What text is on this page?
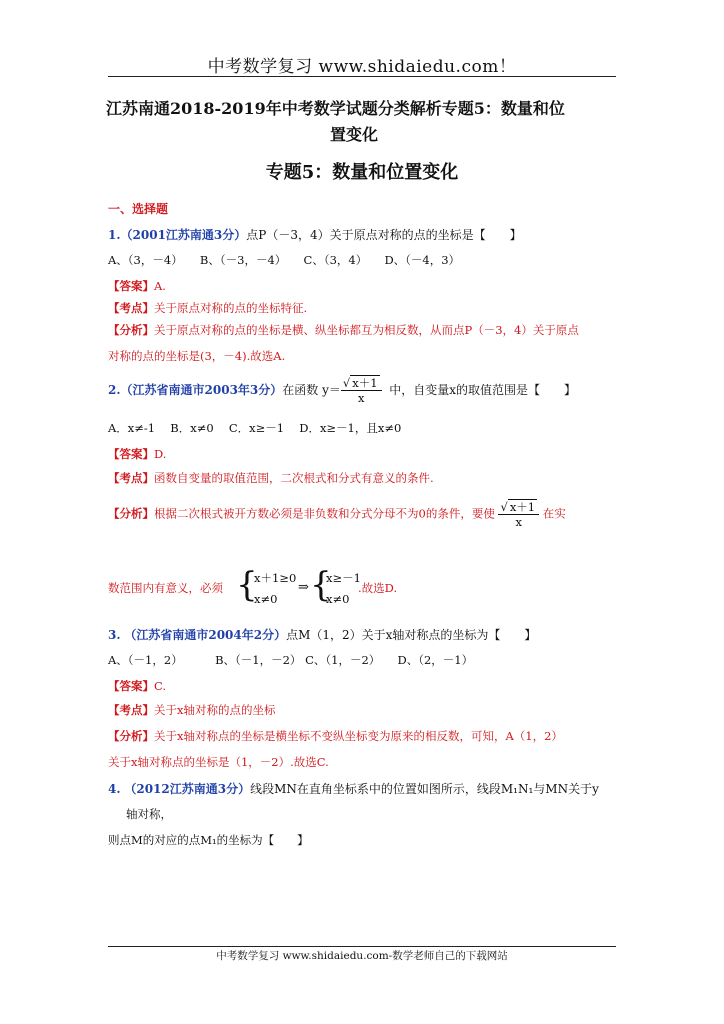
中考数学复习 www.shidaiedu.com！
江苏南通2018-2019年中考数学试题分类解析专题5：数量和位
置变化
专题5：数量和位置变化
一、选择题
1.（2001江苏南通3分）点P（－3，4）关于原点对称的点的坐标是【　　】
A、（3，－4）　　B、（－3，－4）　　C、（3，4）　　D、（－4，3）
【答案】A.
【考点】关于原点对称的点的坐标特征.
【分析】关于原点对称的点的坐标是横、纵坐标都互为相反数，从而点P（－3，4）关于原点
对称的点的坐标是(3，－4).故选A.
2.（江苏省南通市2003年3分）在函数 $y= \frac{√ x+1}{x}$ 中，自变量x的取值范围是【　　】
A．x≠-1　 B．x≠0　 C．x≥－1　 D．x≥－1，且x≠0
【答案】D.
【考点】函数自变量的取值范围，二次根式和分式有意义的条件.
【分析】根据二次根式被开方数必须是非负数和分式分母不为0的条件，要使 $\frac{√ x+1}{x}$ 在实
数范围内有意义，必须 {
x＋1≥0
x≠0
⇒ {
x≥－1
x≠0
.故选D.
3. （江苏省南通市2004年2分）点M（1，2）关于x轴对称点的坐标为【　　】
A、（－1，2）　　　 B、（－1，－2） C、（1，－2）　　D、（2，－1）
【答案】C.
【考点】关于x轴对称的点的坐标
【分析】关于x轴对称点的坐标是横坐标不变纵坐标变为原来的相反数，可知，A（1，2）
关于x轴对称点的坐标是（1，－2）.故选C.
4. （2012江苏南通3分）线段MN在直角坐标系中的位置如图所示，线段M₁N₁与MN关于y
轴对称，
则点M的对应的点M₁的坐标为【　　】
中考数学复习 www.shidaiedu.com-数学老师自己的下载网站
